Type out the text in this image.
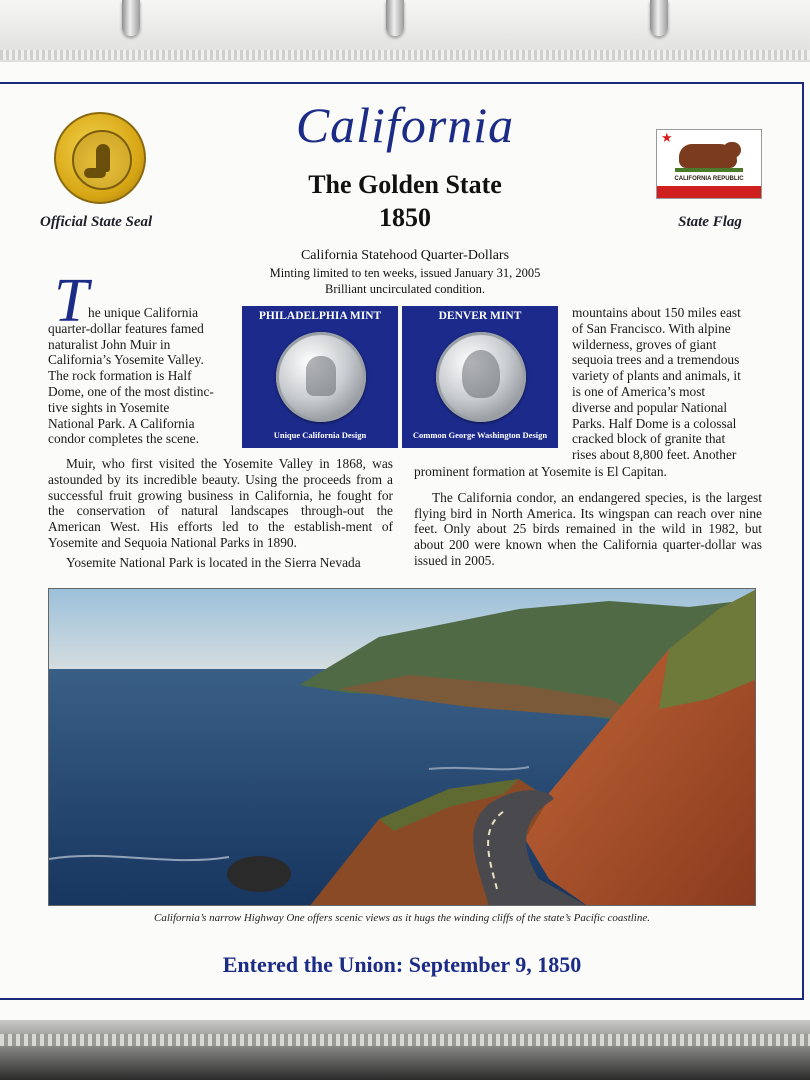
Official State Seal
★
CALIFORNIA REPUBLIC
State Flag
California
The Golden State
1850
California Statehood Quarter-Dollars
Minting limited to ten weeks, issued January 31, 2005
Brilliant uncirculated condition.
PHILADELPHIA MINT
Unique California Design
DENVER MINT
Common George Washington Design
T he unique California

quarter-dollar features famed

naturalist John Muir in

California’s Yosemite Valley.

The rock formation is Half

Dome, one of the most distinc-

tive sights in Yosemite

National Park. A California

condor completes the scene.

Muir, who first visited the Yosemite Valley in 1868, was astounded by its incredible beauty. Using the proceeds from a successful fruit growing business in California, he fought for the conservation of natural landscapes through-out the American West. His efforts led to the establish-ment of Yosemite and Sequoia National Parks in 1890.

Yosemite National Park is located in the Sierra Nevada

mountains about 150 miles east

of San Francisco. With alpine

wilderness, groves of giant

sequoia trees and a tremendous

variety of plants and animals, it

is one of America’s most

diverse and popular National

Parks. Half Dome is a colossal

cracked block of granite that

rises about 8,800 feet. Another

prominent formation at Yosemite is El Capitan.

The California condor, an endangered species, is the largest flying bird in North America. Its wingspan can reach over nine feet. Only about 25 birds remained in the wild in 1982, but about 200 were known when the California quarter-dollar was issued in 2005.

California’s narrow Highway One offers scenic views as it hugs the winding cliffs of the state’s Pacific coastline.
Entered the Union: September 9, 1850
